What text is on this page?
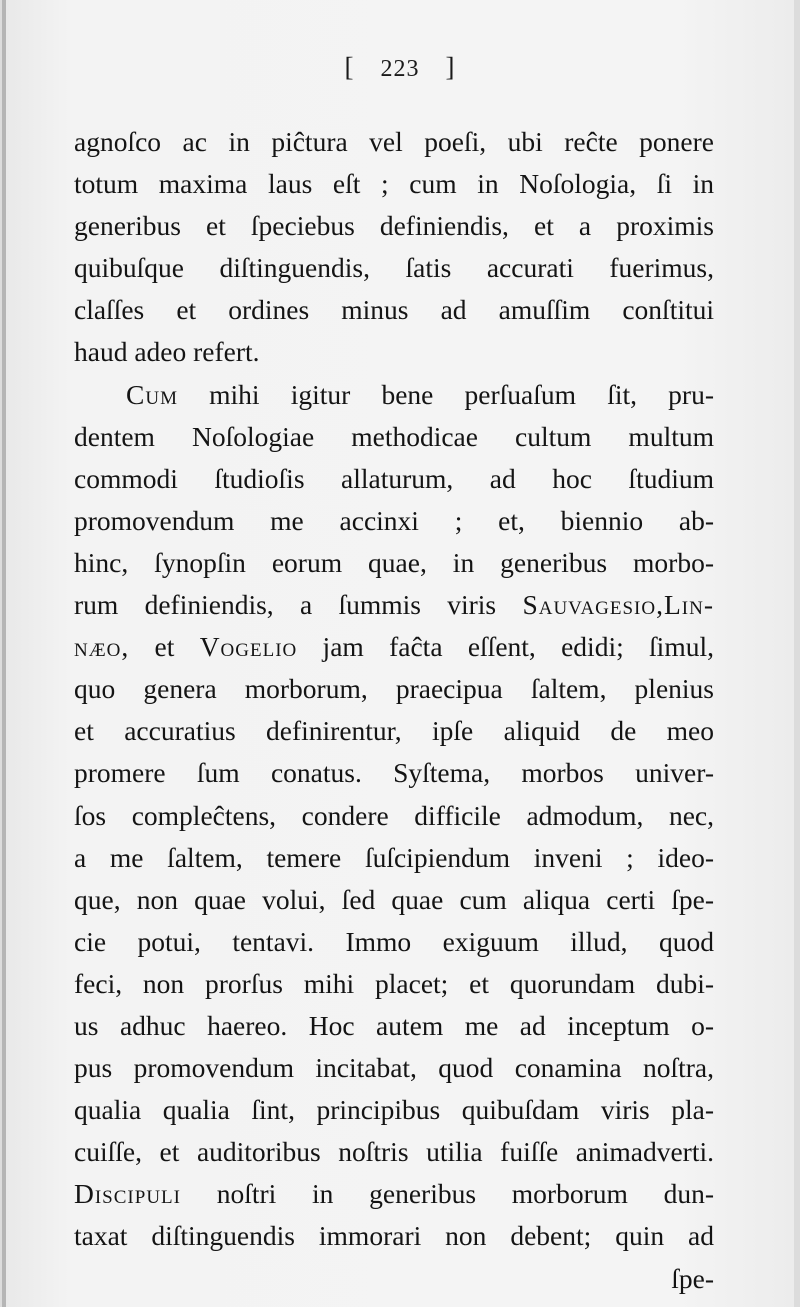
[ 223 ]
agnoſco ac in piĉtura vel poeſi, ubi reĉte ponere
totum maxima laus eſt ; cum in Noſologia, ſi in
generibus et ſpeciebus definiendis, et a proximis
quibuſque diſtinguendis, ſatis accurati fuerimus,
claſſes et ordines minus ad amuſſim conſtitui
haud adeo refert.
Cum mihi igitur bene perſuaſum ſit, pru-
dentem Noſologiae methodicae cultum multum
commodi ſtudioſis allaturum, ad hoc ſtudium
promovendum me accinxi ; et, biennio ab-
hinc, ſynopſin eorum quae, in generibus morbo-
rum definiendis, a ſummis viris Sauvagesio,Lin-
næo, et Vogelio jam faĉta eſſent, edidi; ſimul,
quo genera morborum, praecipua ſaltem, plenius
et accuratius definirentur, ipſe aliquid de meo
promere ſum conatus. Syſtema, morbos univer-
ſos compleĉtens, condere difficile admodum, nec,
a me ſaltem, temere ſuſcipiendum inveni ; ideo-
que, non quae volui, ſed quae cum aliqua certi ſpe-
cie potui, tentavi. Immo exiguum illud, quod
feci, non prorſus mihi placet; et quorundam dubi-
us adhuc haereo. Hoc autem me ad inceptum o-
pus promovendum incitabat, quod conamina noſtra,
qualia qualia ſint, principibus quibuſdam viris pla-
cuiſſe, et auditoribus noſtris utilia fuiſſe animadverti.
Discipuli noſtri in generibus morborum dun-
taxat diſtinguendis immorari non debent; quin ad
ſpe-
